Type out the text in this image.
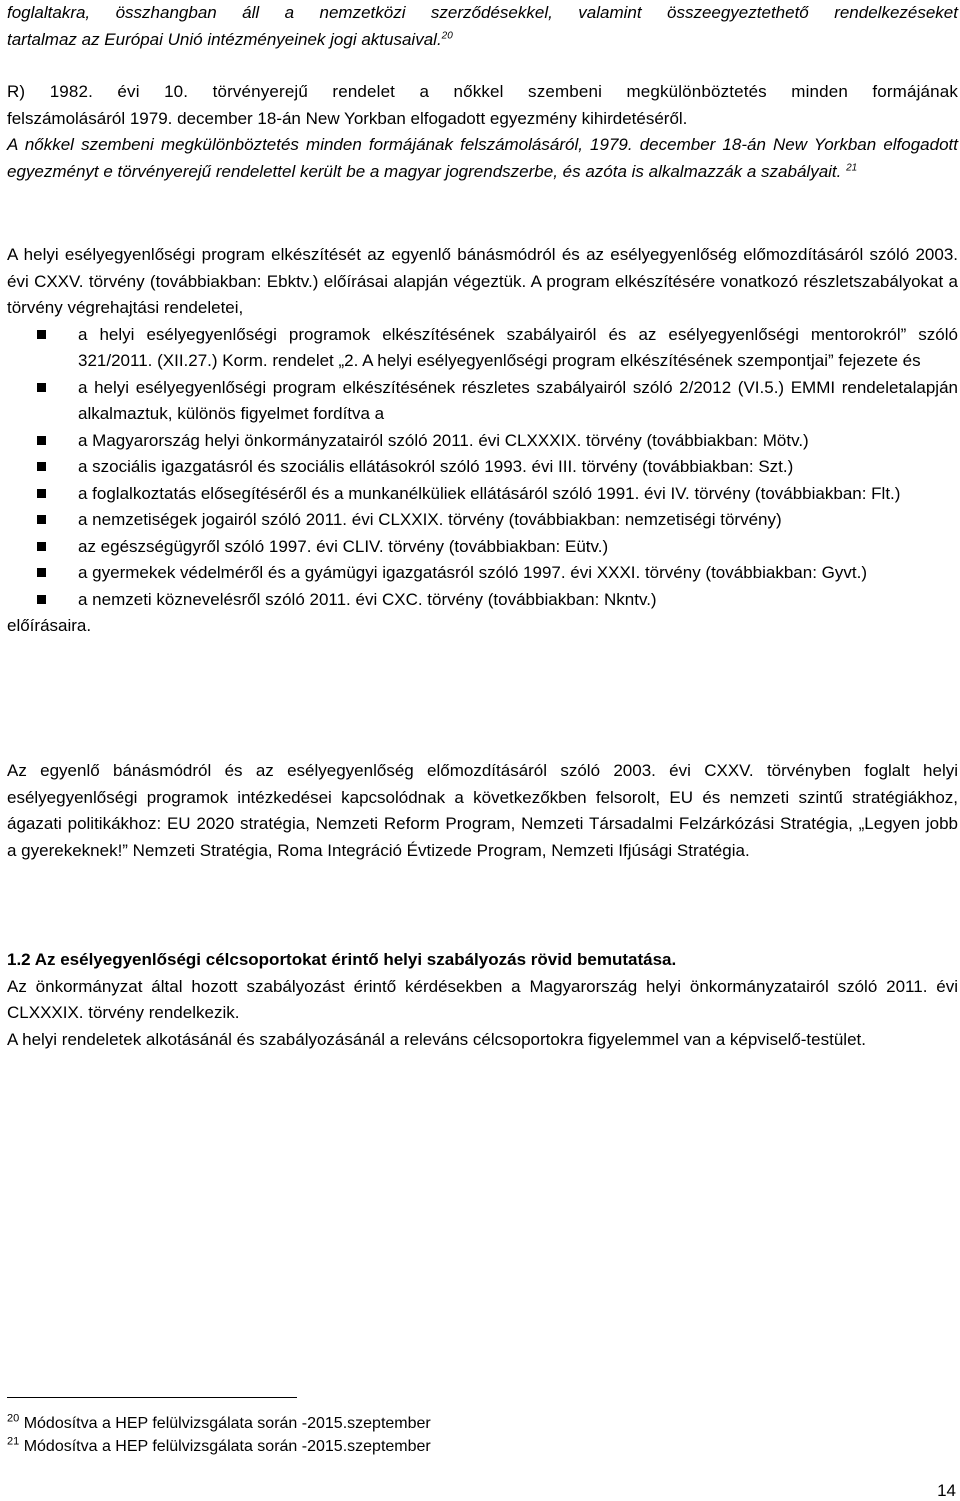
foglaltakra, összhangban áll a nemzetközi szerződésekkel, valamint összeegyeztethető rendelkezéseket

tartalmaz az Európai Unió intézményeinek jogi aktusaival.$^{20}$

R) 1982. évi 10. törvényerejű rendelet a nőkkel szembeni megkülönböztetés minden formájának

felszámolásáról 1979. december 18-án New Yorkban elfogadott egyezmény kihirdetéséről.

A nőkkel szembeni megkülönböztetés minden formájának felszámolásáról, 1979. december 18-án New Yorkban elfogadott egyezményt e törvényerejű rendelettel került be a magyar jogrendszerbe, és azóta is alkalmazzák a szabályait. $^{21}$

A helyi esélyegyenlőségi program elkészítését az egyenlő bánásmódról és az esélyegyenlőség előmozdításáról szóló 2003. évi CXXV. törvény (továbbiakban: Ebktv.) előírásai alapján végeztük. A program elkészítésére vonatkozó részletszabályokat a törvény végrehajtási rendeletei,

a helyi esélyegyenlőségi programok elkészítésének szabályairól és az esélyegyenlőségi mentorokról” szóló 321/2011. (XII.27.) Korm. rendelet „2. A helyi esélyegyenlőségi program elkészítésének szempontjai” fejezete és
a helyi esélyegyenlőségi program elkészítésének részletes szabályairól szóló 2/2012 (VI.5.) EMMI rendeletalapján alkalmaztuk, különös figyelmet fordítva a
a Magyarország helyi önkormányzatairól szóló 2011. évi CLXXXIX. törvény (továbbiakban: Mötv.)
a szociális igazgatásról és szociális ellátásokról szóló 1993. évi III. törvény (továbbiakban: Szt.)
a foglalkoztatás elősegítéséről és a munkanélküliek ellátásáról szóló 1991. évi IV. törvény (továbbiakban: Flt.)
a nemzetiségek jogairól szóló 2011. évi CLXXIX. törvény (továbbiakban: nemzetiségi törvény)
az egészségügyről szóló 1997. évi CLIV. törvény (továbbiakban: Eütv.)
a gyermekek védelméről és a gyámügyi igazgatásról szóló 1997. évi XXXI. törvény (továbbiakban: Gyvt.)
a nemzeti köznevelésről szóló 2011. évi CXC. törvény (továbbiakban: Nkntv.)

előírásaira.

Az egyenlő bánásmódról és az esélyegyenlőség előmozdításáról szóló 2003. évi CXXV. törvényben foglalt helyi esélyegyenlőségi programok intézkedései kapcsolódnak a következőkben felsorolt, EU és nemzeti szintű stratégiákhoz, ágazati politikákhoz: EU 2020 stratégia, Nemzeti Reform Program, Nemzeti Társadalmi Felzárkózási Stratégia, „Legyen jobb a gyerekeknek!” Nemzeti Stratégia, Roma Integráció Évtizede Program, Nemzeti Ifjúsági Stratégia.

1.2 Az esélyegyenlőségi célcsoportokat érintő helyi szabályozás rövid bemutatása.

Az önkormányzat által hozott szabályozást érintő kérdésekben a Magyarország helyi önkormányzatairól szóló 2011. évi CLXXXIX. törvény rendelkezik.

A helyi rendeletek alkotásánál és szabályozásánál a releváns célcsoportokra figyelemmel van a képviselő-testület.

$^{20}$ Módosítva a HEP felülvizsgálata során -2015.szeptember
$^{21}$ Módosítva a HEP felülvizsgálata során -2015.szeptember
14
